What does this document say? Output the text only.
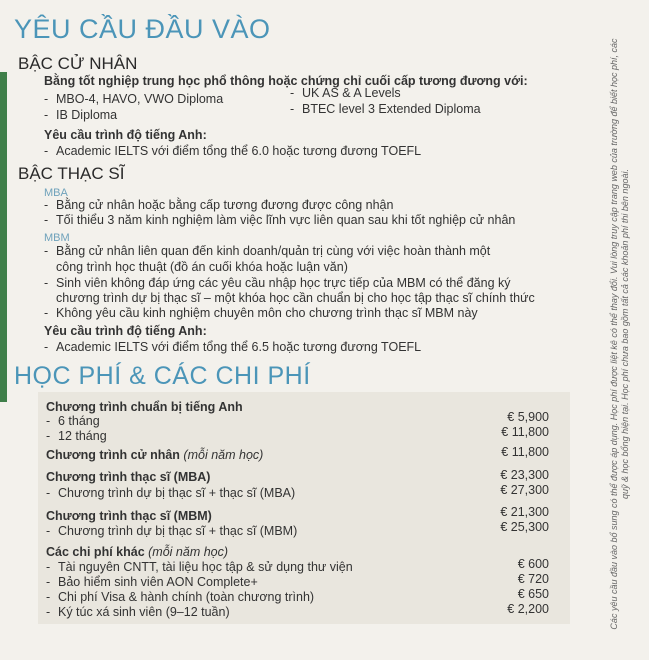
YÊU CẦU ĐẦU VÀO
BẬC CỬ NHÂN
Bằng tốt nghiệp trung học phổ thông hoặc chứng chỉ cuối cấp tương đương với:
- MBO-4, HAVO, VWO Diploma
- IB Diploma
- UK AS & A Levels
- BTEC level 3 Extended Diploma
Yêu cầu trình độ tiếng Anh:
- Academic IELTS với điểm tổng thể 6.0 hoặc tương đương TOEFL
BẬC THẠC SĨ
MBA
- Bằng cử nhân hoặc bằng cấp tương đương được công nhận
- Tối thiểu 3 năm kinh nghiệm làm việc lĩnh vực liên quan sau khi tốt nghiệp cử nhân
MBM
- Bằng cử nhân liên quan đến kinh doanh/quản trị cùng với việc hoàn thành một
công trình học thuật (đồ án cuối khóa hoặc luận văn)
- Sinh viên không đáp ứng các yêu cầu nhập học trực tiếp của MBM có thể đăng ký
chương trình dự bị thạc sĩ – một khóa học cần chuẩn bị cho học tập thạc sĩ chính thức
- Không yêu cầu kinh nghiệm chuyên môn cho chương trình thạc sĩ MBM này
Yêu cầu trình độ tiếng Anh:
- Academic IELTS với điểm tổng thể 6.5 hoặc tương đương TOEFL
HỌC PHÍ & CÁC CHI PHÍ
Chương trình chuẩn bị tiếng Anh
- 6 tháng	€ 5,900
- 12 tháng	€ 11,800
Chương trình cử nhân (mỗi năm học)	€ 11,800
Chương trình thạc sĩ (MBA)	€ 23,300
- Chương trình dự bị thạc sĩ + thạc sĩ (MBA)	€ 27,300
Chương trình thạc sĩ (MBM)	€ 21,300
- Chương trình dự bị thạc sĩ + thạc sĩ (MBM)	€ 25,300
Các chi phí khác (mỗi năm học)
- Tài nguyên CNTT, tài liệu học tập & sử dụng thư viện	€ 600
- Bảo hiểm sinh viên AON Complete+	€ 720
- Chi phí Visa & hành chính (toàn chương trình)	€ 650
- Ký túc xá sinh viên (9–12 tuần)	€ 2,200	Các yêu cầu đầu vào bổ sung có thể được áp dụng. Học phí được liệt kê có thể thay đổi. Vui lòng truy cập trang web của trường để biết học phí, các quỹ & học bổng hiện tại. Học phí chưa bao gồm tất cả các khoản phí thi bên ngoài.
